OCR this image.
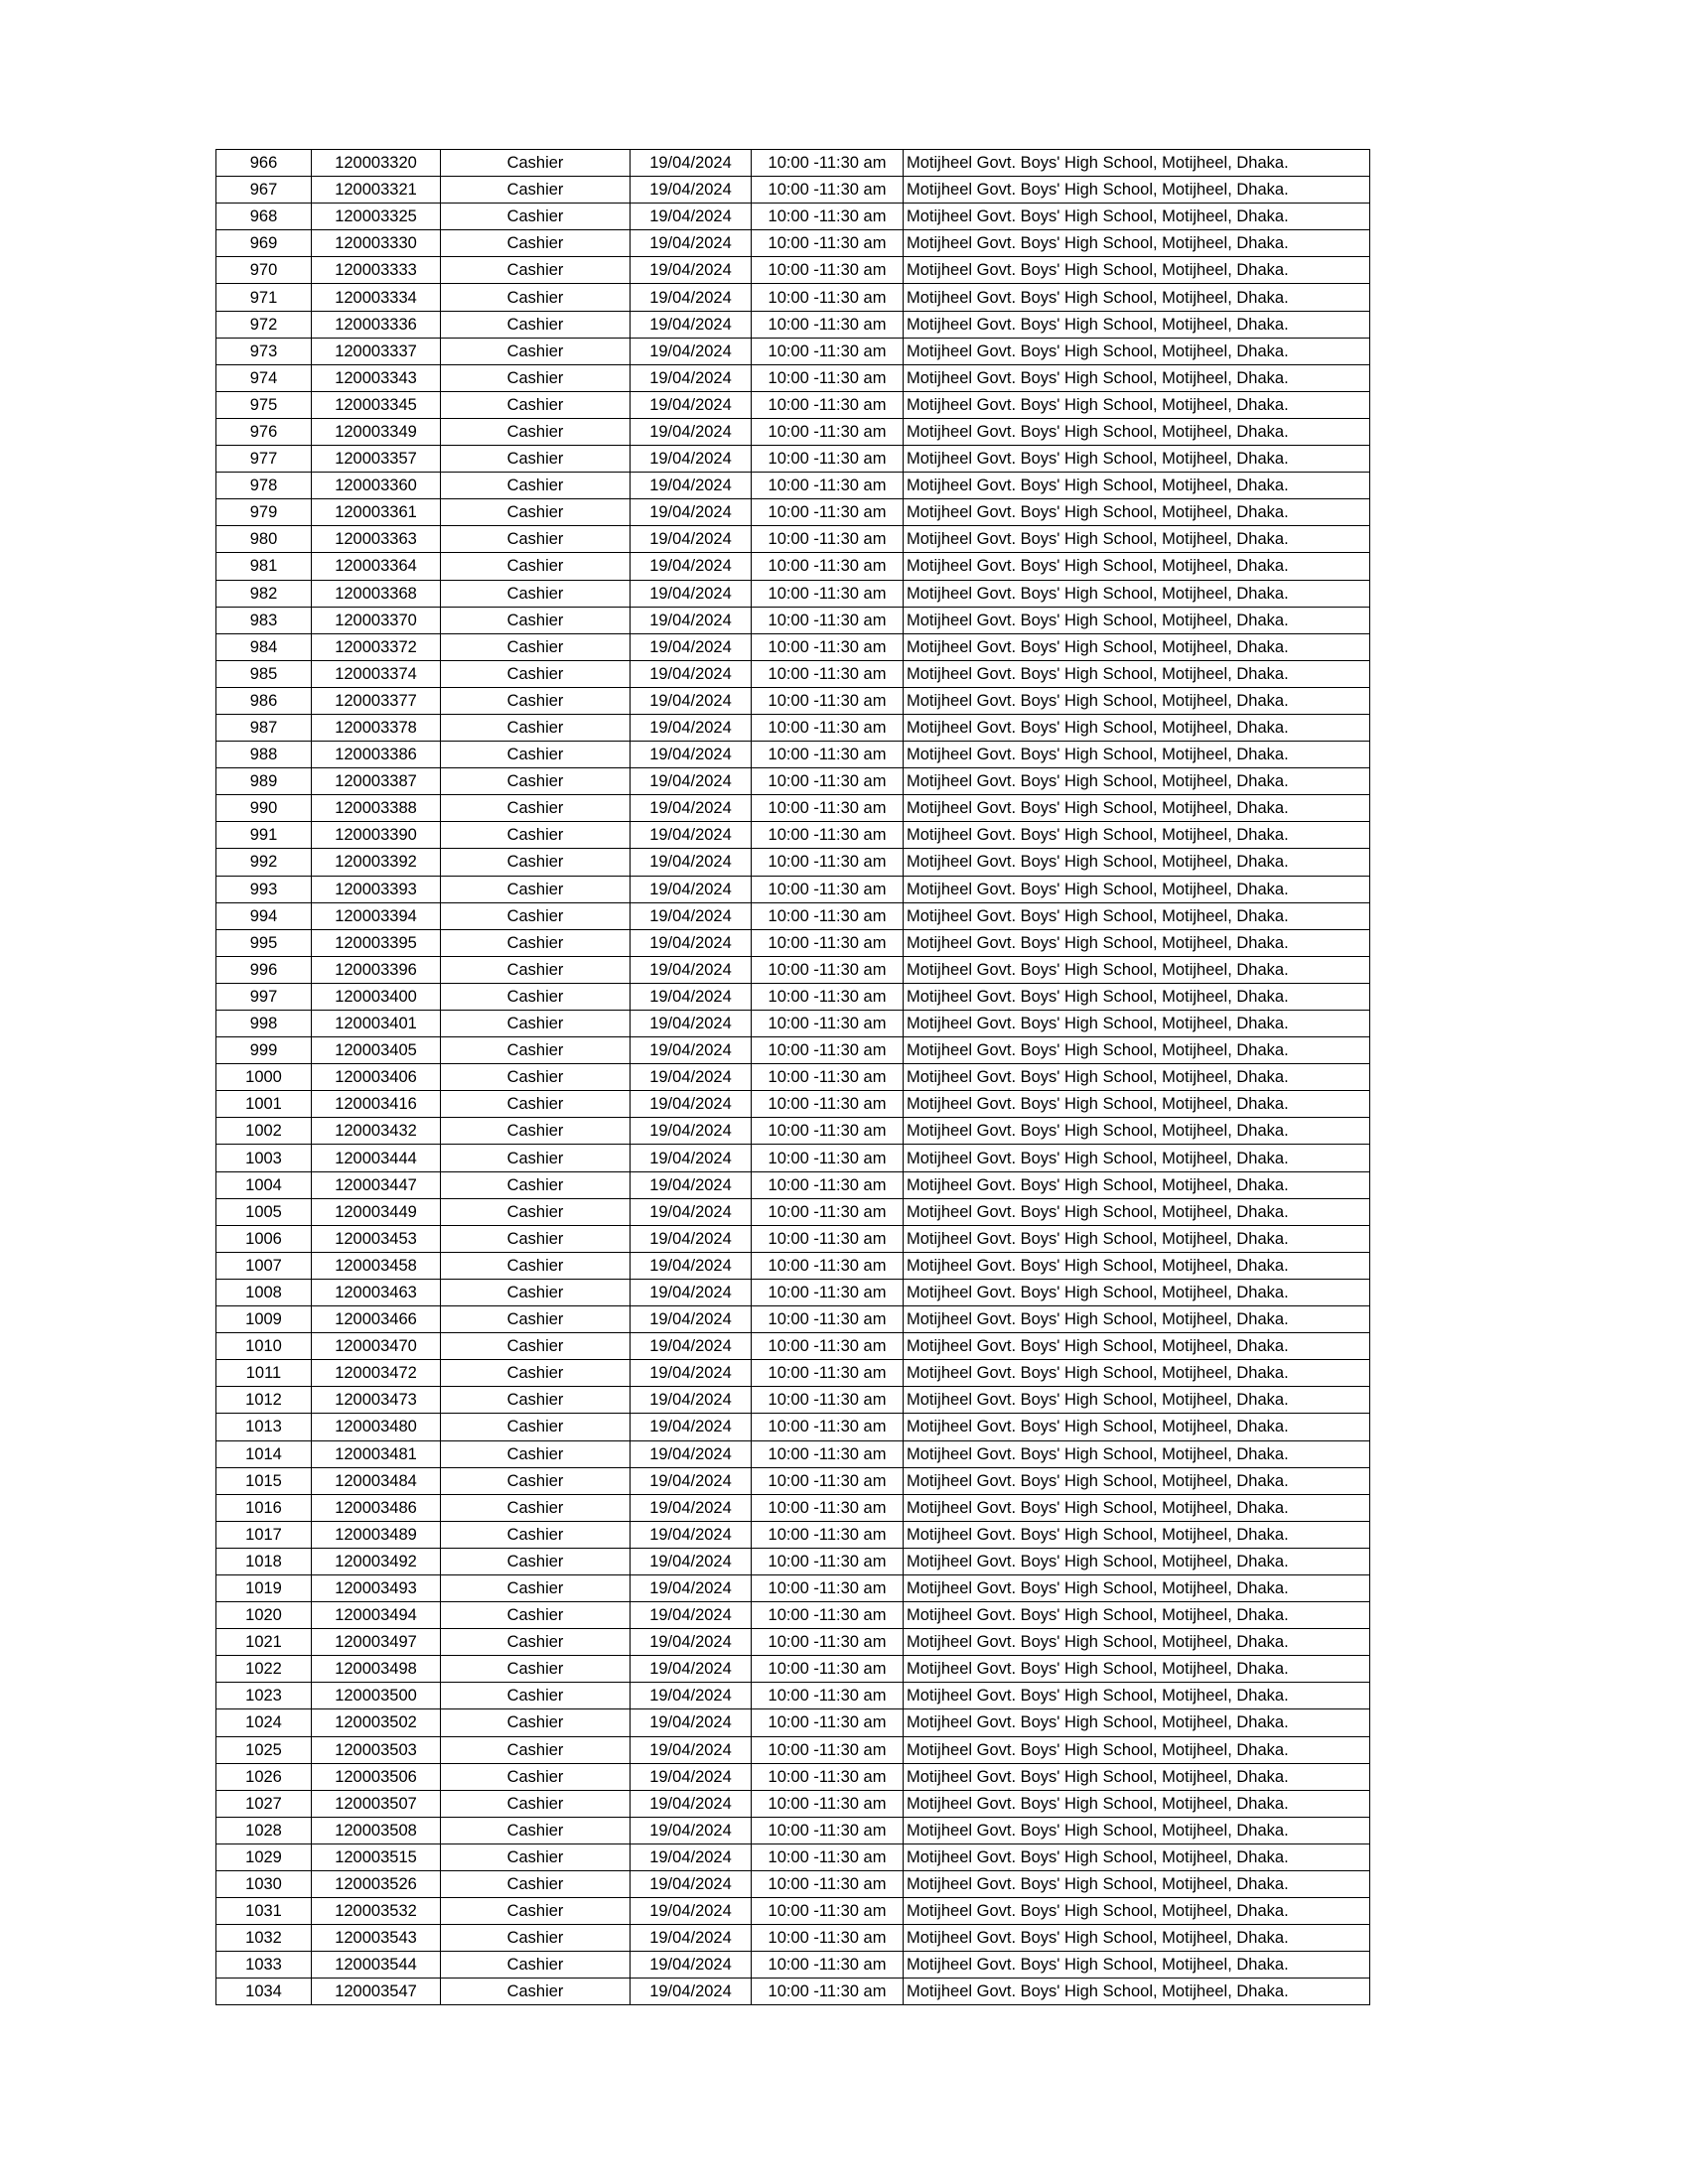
966	120003320	Cashier	19/04/2024	10:00 -11:30 am	Motijheel Govt. Boys' High School, Motijheel, Dhaka.
967	120003321	Cashier	19/04/2024	10:00 -11:30 am	Motijheel Govt. Boys' High School, Motijheel, Dhaka.
968	120003325	Cashier	19/04/2024	10:00 -11:30 am	Motijheel Govt. Boys' High School, Motijheel, Dhaka.
969	120003330	Cashier	19/04/2024	10:00 -11:30 am	Motijheel Govt. Boys' High School, Motijheel, Dhaka.
970	120003333	Cashier	19/04/2024	10:00 -11:30 am	Motijheel Govt. Boys' High School, Motijheel, Dhaka.
971	120003334	Cashier	19/04/2024	10:00 -11:30 am	Motijheel Govt. Boys' High School, Motijheel, Dhaka.
972	120003336	Cashier	19/04/2024	10:00 -11:30 am	Motijheel Govt. Boys' High School, Motijheel, Dhaka.
973	120003337	Cashier	19/04/2024	10:00 -11:30 am	Motijheel Govt. Boys' High School, Motijheel, Dhaka.
974	120003343	Cashier	19/04/2024	10:00 -11:30 am	Motijheel Govt. Boys' High School, Motijheel, Dhaka.
975	120003345	Cashier	19/04/2024	10:00 -11:30 am	Motijheel Govt. Boys' High School, Motijheel, Dhaka.
976	120003349	Cashier	19/04/2024	10:00 -11:30 am	Motijheel Govt. Boys' High School, Motijheel, Dhaka.
977	120003357	Cashier	19/04/2024	10:00 -11:30 am	Motijheel Govt. Boys' High School, Motijheel, Dhaka.
978	120003360	Cashier	19/04/2024	10:00 -11:30 am	Motijheel Govt. Boys' High School, Motijheel, Dhaka.
979	120003361	Cashier	19/04/2024	10:00 -11:30 am	Motijheel Govt. Boys' High School, Motijheel, Dhaka.
980	120003363	Cashier	19/04/2024	10:00 -11:30 am	Motijheel Govt. Boys' High School, Motijheel, Dhaka.
981	120003364	Cashier	19/04/2024	10:00 -11:30 am	Motijheel Govt. Boys' High School, Motijheel, Dhaka.
982	120003368	Cashier	19/04/2024	10:00 -11:30 am	Motijheel Govt. Boys' High School, Motijheel, Dhaka.
983	120003370	Cashier	19/04/2024	10:00 -11:30 am	Motijheel Govt. Boys' High School, Motijheel, Dhaka.
984	120003372	Cashier	19/04/2024	10:00 -11:30 am	Motijheel Govt. Boys' High School, Motijheel, Dhaka.
985	120003374	Cashier	19/04/2024	10:00 -11:30 am	Motijheel Govt. Boys' High School, Motijheel, Dhaka.
986	120003377	Cashier	19/04/2024	10:00 -11:30 am	Motijheel Govt. Boys' High School, Motijheel, Dhaka.
987	120003378	Cashier	19/04/2024	10:00 -11:30 am	Motijheel Govt. Boys' High School, Motijheel, Dhaka.
988	120003386	Cashier	19/04/2024	10:00 -11:30 am	Motijheel Govt. Boys' High School, Motijheel, Dhaka.
989	120003387	Cashier	19/04/2024	10:00 -11:30 am	Motijheel Govt. Boys' High School, Motijheel, Dhaka.
990	120003388	Cashier	19/04/2024	10:00 -11:30 am	Motijheel Govt. Boys' High School, Motijheel, Dhaka.
991	120003390	Cashier	19/04/2024	10:00 -11:30 am	Motijheel Govt. Boys' High School, Motijheel, Dhaka.
992	120003392	Cashier	19/04/2024	10:00 -11:30 am	Motijheel Govt. Boys' High School, Motijheel, Dhaka.
993	120003393	Cashier	19/04/2024	10:00 -11:30 am	Motijheel Govt. Boys' High School, Motijheel, Dhaka.
994	120003394	Cashier	19/04/2024	10:00 -11:30 am	Motijheel Govt. Boys' High School, Motijheel, Dhaka.
995	120003395	Cashier	19/04/2024	10:00 -11:30 am	Motijheel Govt. Boys' High School, Motijheel, Dhaka.
996	120003396	Cashier	19/04/2024	10:00 -11:30 am	Motijheel Govt. Boys' High School, Motijheel, Dhaka.
997	120003400	Cashier	19/04/2024	10:00 -11:30 am	Motijheel Govt. Boys' High School, Motijheel, Dhaka.
998	120003401	Cashier	19/04/2024	10:00 -11:30 am	Motijheel Govt. Boys' High School, Motijheel, Dhaka.
999	120003405	Cashier	19/04/2024	10:00 -11:30 am	Motijheel Govt. Boys' High School, Motijheel, Dhaka.
1000	120003406	Cashier	19/04/2024	10:00 -11:30 am	Motijheel Govt. Boys' High School, Motijheel, Dhaka.
1001	120003416	Cashier	19/04/2024	10:00 -11:30 am	Motijheel Govt. Boys' High School, Motijheel, Dhaka.
1002	120003432	Cashier	19/04/2024	10:00 -11:30 am	Motijheel Govt. Boys' High School, Motijheel, Dhaka.
1003	120003444	Cashier	19/04/2024	10:00 -11:30 am	Motijheel Govt. Boys' High School, Motijheel, Dhaka.
1004	120003447	Cashier	19/04/2024	10:00 -11:30 am	Motijheel Govt. Boys' High School, Motijheel, Dhaka.
1005	120003449	Cashier	19/04/2024	10:00 -11:30 am	Motijheel Govt. Boys' High School, Motijheel, Dhaka.
1006	120003453	Cashier	19/04/2024	10:00 -11:30 am	Motijheel Govt. Boys' High School, Motijheel, Dhaka.
1007	120003458	Cashier	19/04/2024	10:00 -11:30 am	Motijheel Govt. Boys' High School, Motijheel, Dhaka.
1008	120003463	Cashier	19/04/2024	10:00 -11:30 am	Motijheel Govt. Boys' High School, Motijheel, Dhaka.
1009	120003466	Cashier	19/04/2024	10:00 -11:30 am	Motijheel Govt. Boys' High School, Motijheel, Dhaka.
1010	120003470	Cashier	19/04/2024	10:00 -11:30 am	Motijheel Govt. Boys' High School, Motijheel, Dhaka.
1011	120003472	Cashier	19/04/2024	10:00 -11:30 am	Motijheel Govt. Boys' High School, Motijheel, Dhaka.
1012	120003473	Cashier	19/04/2024	10:00 -11:30 am	Motijheel Govt. Boys' High School, Motijheel, Dhaka.
1013	120003480	Cashier	19/04/2024	10:00 -11:30 am	Motijheel Govt. Boys' High School, Motijheel, Dhaka.
1014	120003481	Cashier	19/04/2024	10:00 -11:30 am	Motijheel Govt. Boys' High School, Motijheel, Dhaka.
1015	120003484	Cashier	19/04/2024	10:00 -11:30 am	Motijheel Govt. Boys' High School, Motijheel, Dhaka.
1016	120003486	Cashier	19/04/2024	10:00 -11:30 am	Motijheel Govt. Boys' High School, Motijheel, Dhaka.
1017	120003489	Cashier	19/04/2024	10:00 -11:30 am	Motijheel Govt. Boys' High School, Motijheel, Dhaka.
1018	120003492	Cashier	19/04/2024	10:00 -11:30 am	Motijheel Govt. Boys' High School, Motijheel, Dhaka.
1019	120003493	Cashier	19/04/2024	10:00 -11:30 am	Motijheel Govt. Boys' High School, Motijheel, Dhaka.
1020	120003494	Cashier	19/04/2024	10:00 -11:30 am	Motijheel Govt. Boys' High School, Motijheel, Dhaka.
1021	120003497	Cashier	19/04/2024	10:00 -11:30 am	Motijheel Govt. Boys' High School, Motijheel, Dhaka.
1022	120003498	Cashier	19/04/2024	10:00 -11:30 am	Motijheel Govt. Boys' High School, Motijheel, Dhaka.
1023	120003500	Cashier	19/04/2024	10:00 -11:30 am	Motijheel Govt. Boys' High School, Motijheel, Dhaka.
1024	120003502	Cashier	19/04/2024	10:00 -11:30 am	Motijheel Govt. Boys' High School, Motijheel, Dhaka.
1025	120003503	Cashier	19/04/2024	10:00 -11:30 am	Motijheel Govt. Boys' High School, Motijheel, Dhaka.
1026	120003506	Cashier	19/04/2024	10:00 -11:30 am	Motijheel Govt. Boys' High School, Motijheel, Dhaka.
1027	120003507	Cashier	19/04/2024	10:00 -11:30 am	Motijheel Govt. Boys' High School, Motijheel, Dhaka.
1028	120003508	Cashier	19/04/2024	10:00 -11:30 am	Motijheel Govt. Boys' High School, Motijheel, Dhaka.
1029	120003515	Cashier	19/04/2024	10:00 -11:30 am	Motijheel Govt. Boys' High School, Motijheel, Dhaka.
1030	120003526	Cashier	19/04/2024	10:00 -11:30 am	Motijheel Govt. Boys' High School, Motijheel, Dhaka.
1031	120003532	Cashier	19/04/2024	10:00 -11:30 am	Motijheel Govt. Boys' High School, Motijheel, Dhaka.
1032	120003543	Cashier	19/04/2024	10:00 -11:30 am	Motijheel Govt. Boys' High School, Motijheel, Dhaka.
1033	120003544	Cashier	19/04/2024	10:00 -11:30 am	Motijheel Govt. Boys' High School, Motijheel, Dhaka.
1034	120003547	Cashier	19/04/2024	10:00 -11:30 am	Motijheel Govt. Boys' High School, Motijheel, Dhaka.
